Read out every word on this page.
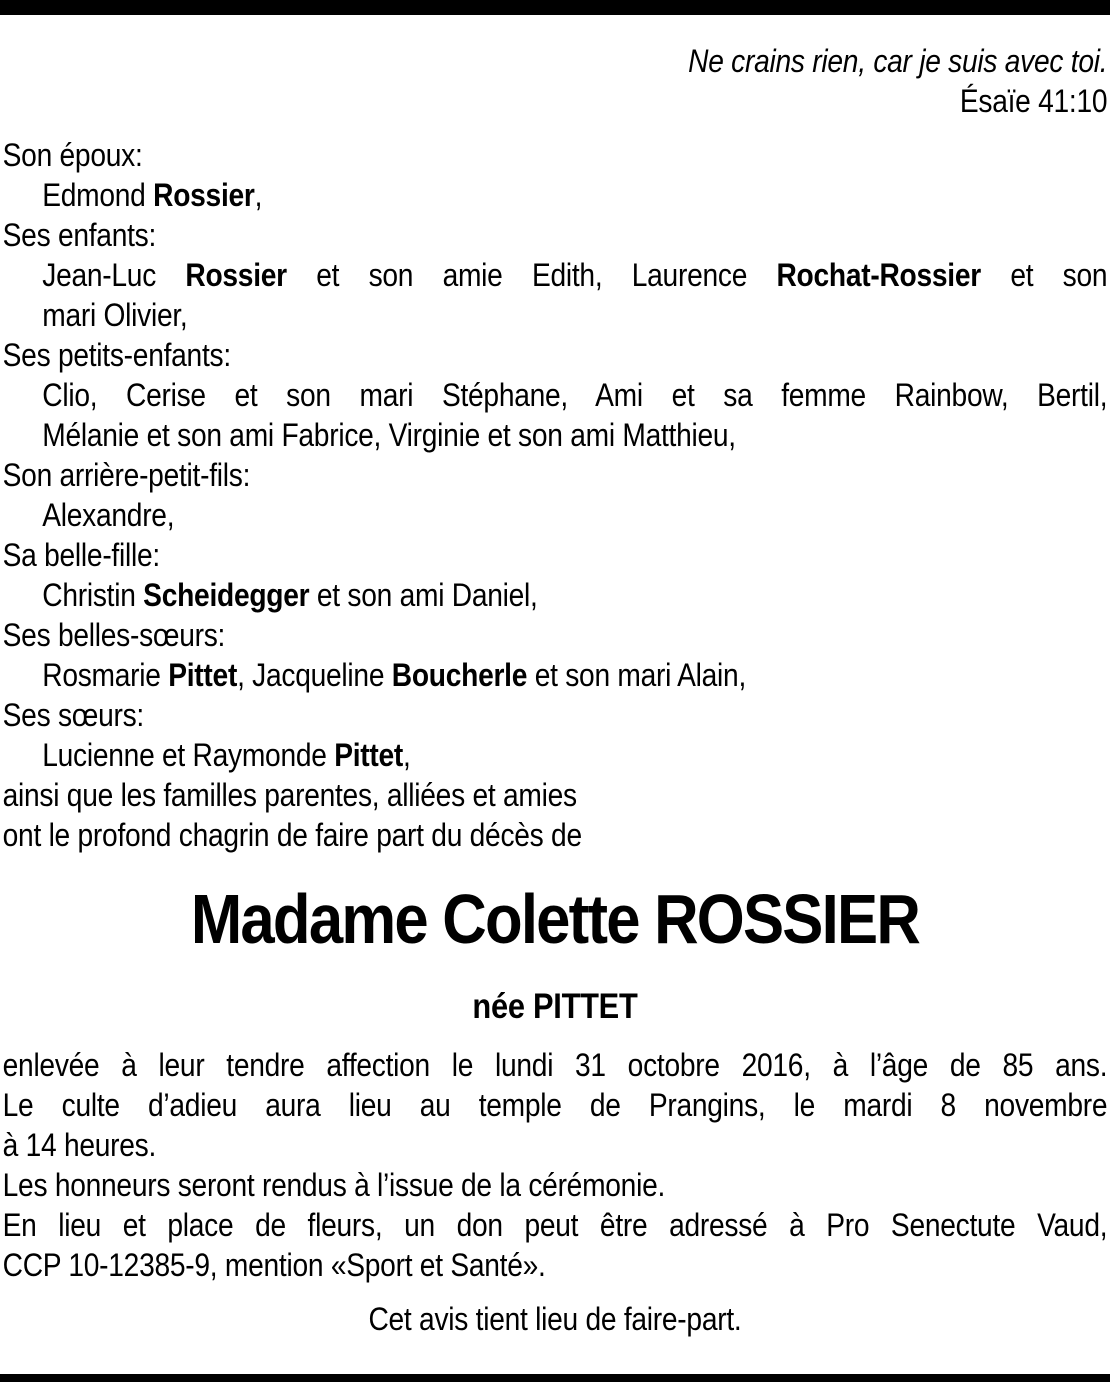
Ne crains rien, car je suis avec toi.
Ésaïe 41:10
Son époux:
Edmond Rossier,
Ses enfants:
Jean-Luc Rossier et son amie Edith, Laurence Rochat-Rossier et son
mari Olivier,
Ses petits-enfants:
Clio, Cerise et son mari Stéphane, Ami et sa femme Rainbow, Bertil,
Mélanie et son ami Fabrice, Virginie et son ami Matthieu,
Son arrière-petit-fils:
Alexandre,
Sa belle-fille:
Christin Scheidegger et son ami Daniel,
Ses belles-sœurs:
Rosmarie Pittet, Jacqueline Boucherle et son mari Alain,
Ses sœurs:
Lucienne et Raymonde Pittet,
ainsi que les familles parentes, alliées et amies
ont le profond chagrin de faire part du décès de
Madame Colette ROSSIER
née PITTET
enlevée à leur tendre affection le lundi 31 octobre 2016, à l’âge de 85 ans.
Le culte d’adieu aura lieu au temple de Prangins, le mardi 8 novembre
à 14 heures.
Les honneurs seront rendus à l’issue de la cérémonie.
En lieu et place de fleurs, un don peut être adressé à Pro Senectute Vaud,
CCP 10-12385-9, mention «Sport et Santé».
Cet avis tient lieu de faire-part.
